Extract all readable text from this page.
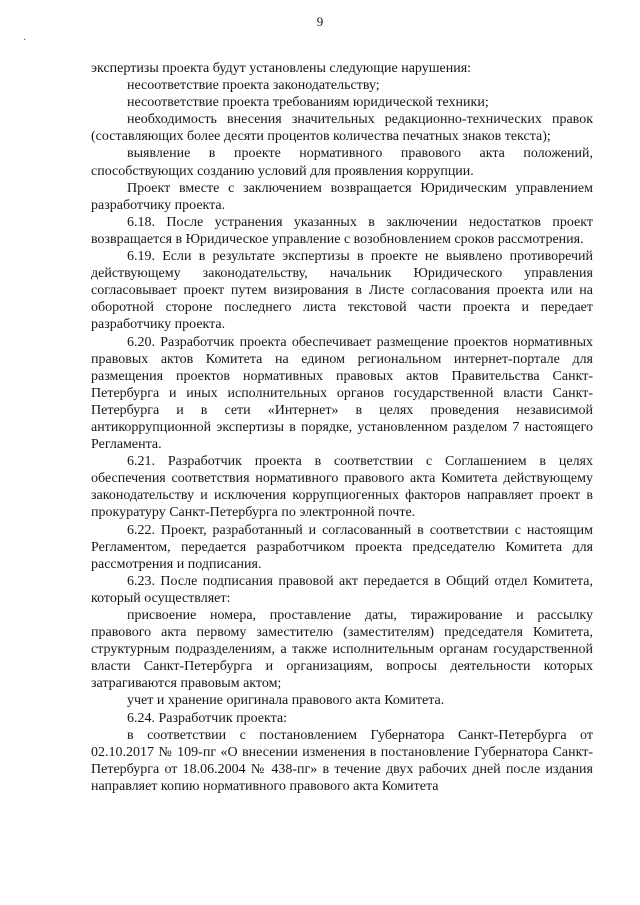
9
·

экспертизы проекта будут установлены следующие нарушения:

несоответствие проекта законодательству;

несоответствие проекта требованиям юридической техники;

необходимость внесения значительных редакционно-технических правок (составляющих более десяти процентов количества печатных знаков текста);

выявление в проекте нормативного правового акта положений, способствующих созданию условий для проявления коррупции.

Проект вместе с заключением возвращается Юридическим управлением разработчику проекта.

6.18. После устранения указанных в заключении недостатков проект возвращается в Юридическое управление с возобновлением сроков рассмотрения.

6.19. Если в результате экспертизы в проекте не выявлено противоречий действующему законодательству, начальник Юридического управления согласовывает проект путем визирования в Листе согласования проекта или на оборотной стороне последнего листа текстовой части проекта и передает разработчику проекта.

6.20. Разработчик проекта обеспечивает размещение проектов нормативных правовых актов Комитета на едином региональном интернет-портале для размещения проектов нормативных правовых актов Правительства Санкт-Петербурга и иных исполнительных органов государственной власти Санкт-Петербурга и в сети «Интернет» в целях проведения независимой антикоррупционной экспертизы в порядке, установленном разделом 7 настоящего Регламента.

6.21. Разработчик проекта в соответствии с Соглашением в целях обеспечения соответствия нормативного правового акта Комитета действующему законодательству и исключения коррупциогенных факторов направляет проект в прокуратуру Санкт-Петербурга по электронной почте.

6.22. Проект, разработанный и согласованный в соответствии с настоящим Регламентом, передается разработчиком проекта председателю Комитета для рассмотрения и подписания.

6.23. После подписания правовой акт передается в Общий отдел Комитета, который осуществляет:

присвоение номера, проставление даты, тиражирование и рассылку правового акта первому заместителю (заместителям) председателя Комитета, структурным подразделениям, а также исполнительным органам государственной власти Санкт-Петербурга и организациям, вопросы деятельности которых затрагиваются правовым актом;

учет и хранение оригинала правового акта Комитета.

6.24. Разработчик проекта:

в соответствии с постановлением Губернатора Санкт-Петербурга от 02.10.2017 № 109-пг «О внесении изменения в постановление Губернатора Санкт-Петербурга от 18.06.2004 № 438-пг» в течение двух рабочих дней после издания направляет копию нормативного правового акта Комитета
